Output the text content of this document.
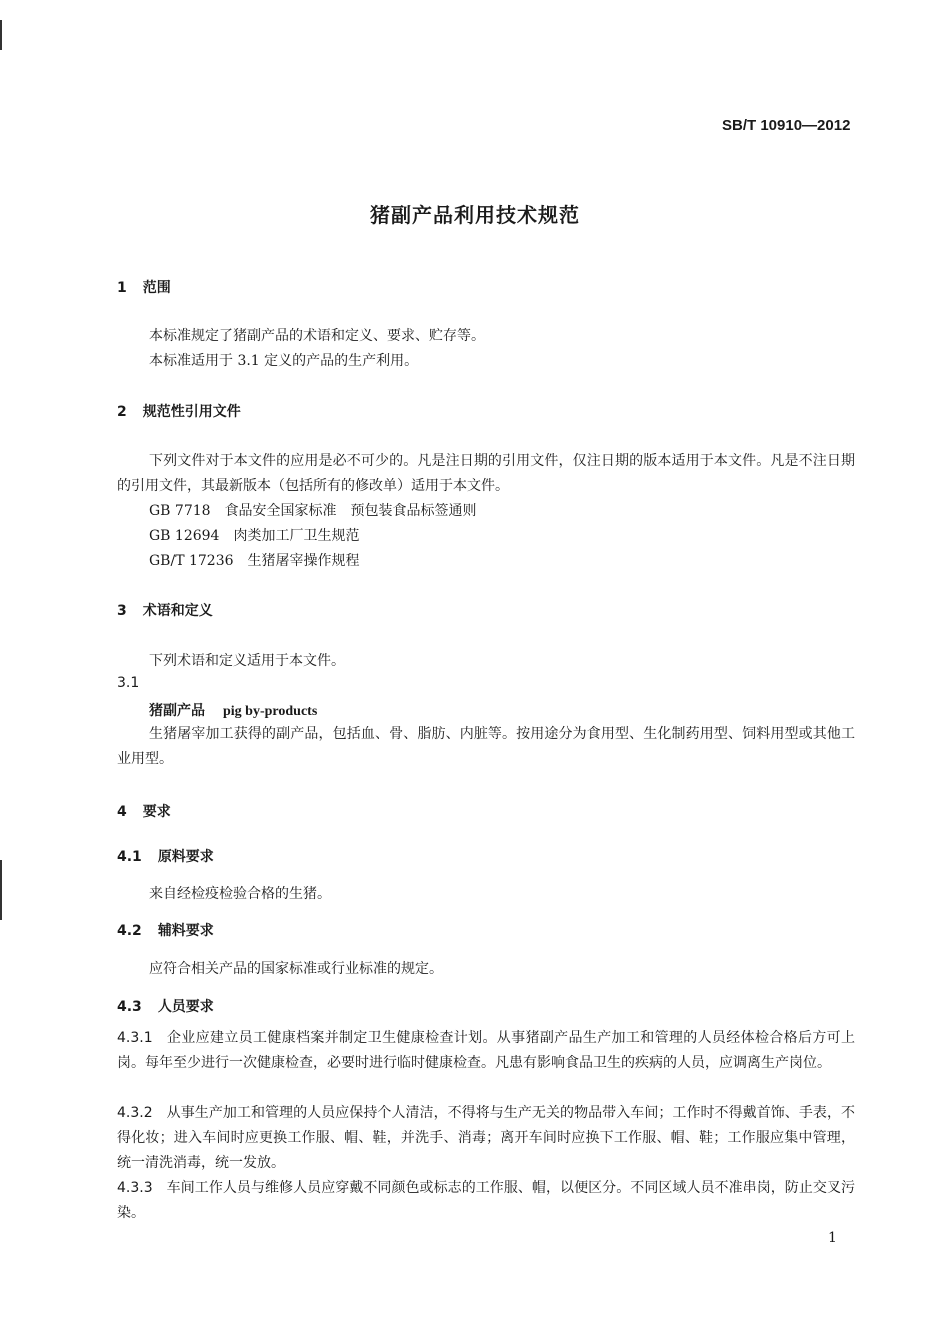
SB/T 10910—2012
猪副产品利用技术规范
1 范围
本标准规定了猪副产品的术语和定义、要求、贮存等。
本标准适用于 3.1 定义的产品的生产利用。
2 规范性引用文件
下列文件对于本文件的应用是必不可少的。凡是注日期的引用文件，仅注日期的版本适用于本文件。凡是不注日期的引用文件，其最新版本（包括所有的修改单）适用于本文件。
GB 7718 食品安全国家标准　预包装食品标签通则
GB 12694 肉类加工厂卫生规范
GB/T 17236 生猪屠宰操作规程
3 术语和定义
下列术语和定义适用于本文件。
3.1
猪副产品 pig by-products
生猪屠宰加工获得的副产品，包括血、骨、脂肪、内脏等。按用途分为食用型、生化制药用型、饲料用型或其他工业用型。
4 要求
4.1 原料要求
来自经检疫检验合格的生猪。
4.2 辅料要求
应符合相关产品的国家标准或行业标准的规定。
4.3 人员要求
4.3.1 企业应建立员工健康档案并制定卫生健康检查计划。从事猪副产品生产加工和管理的人员经体检合格后方可上岗。每年至少进行一次健康检查，必要时进行临时健康检查。凡患有影响食品卫生的疾病的人员，应调离生产岗位。
4.3.2 从事生产加工和管理的人员应保持个人清洁，不得将与生产无关的物品带入车间；工作时不得戴首饰、手表，不得化妆；进入车间时应更换工作服、帽、鞋，并洗手、消毒；离开车间时应换下工作服、帽、鞋；工作服应集中管理，统一清洗消毒，统一发放。
4.3.3 车间工作人员与维修人员应穿戴不同颜色或标志的工作服、帽，以便区分。不同区域人员不准串岗，防止交叉污染。
1
